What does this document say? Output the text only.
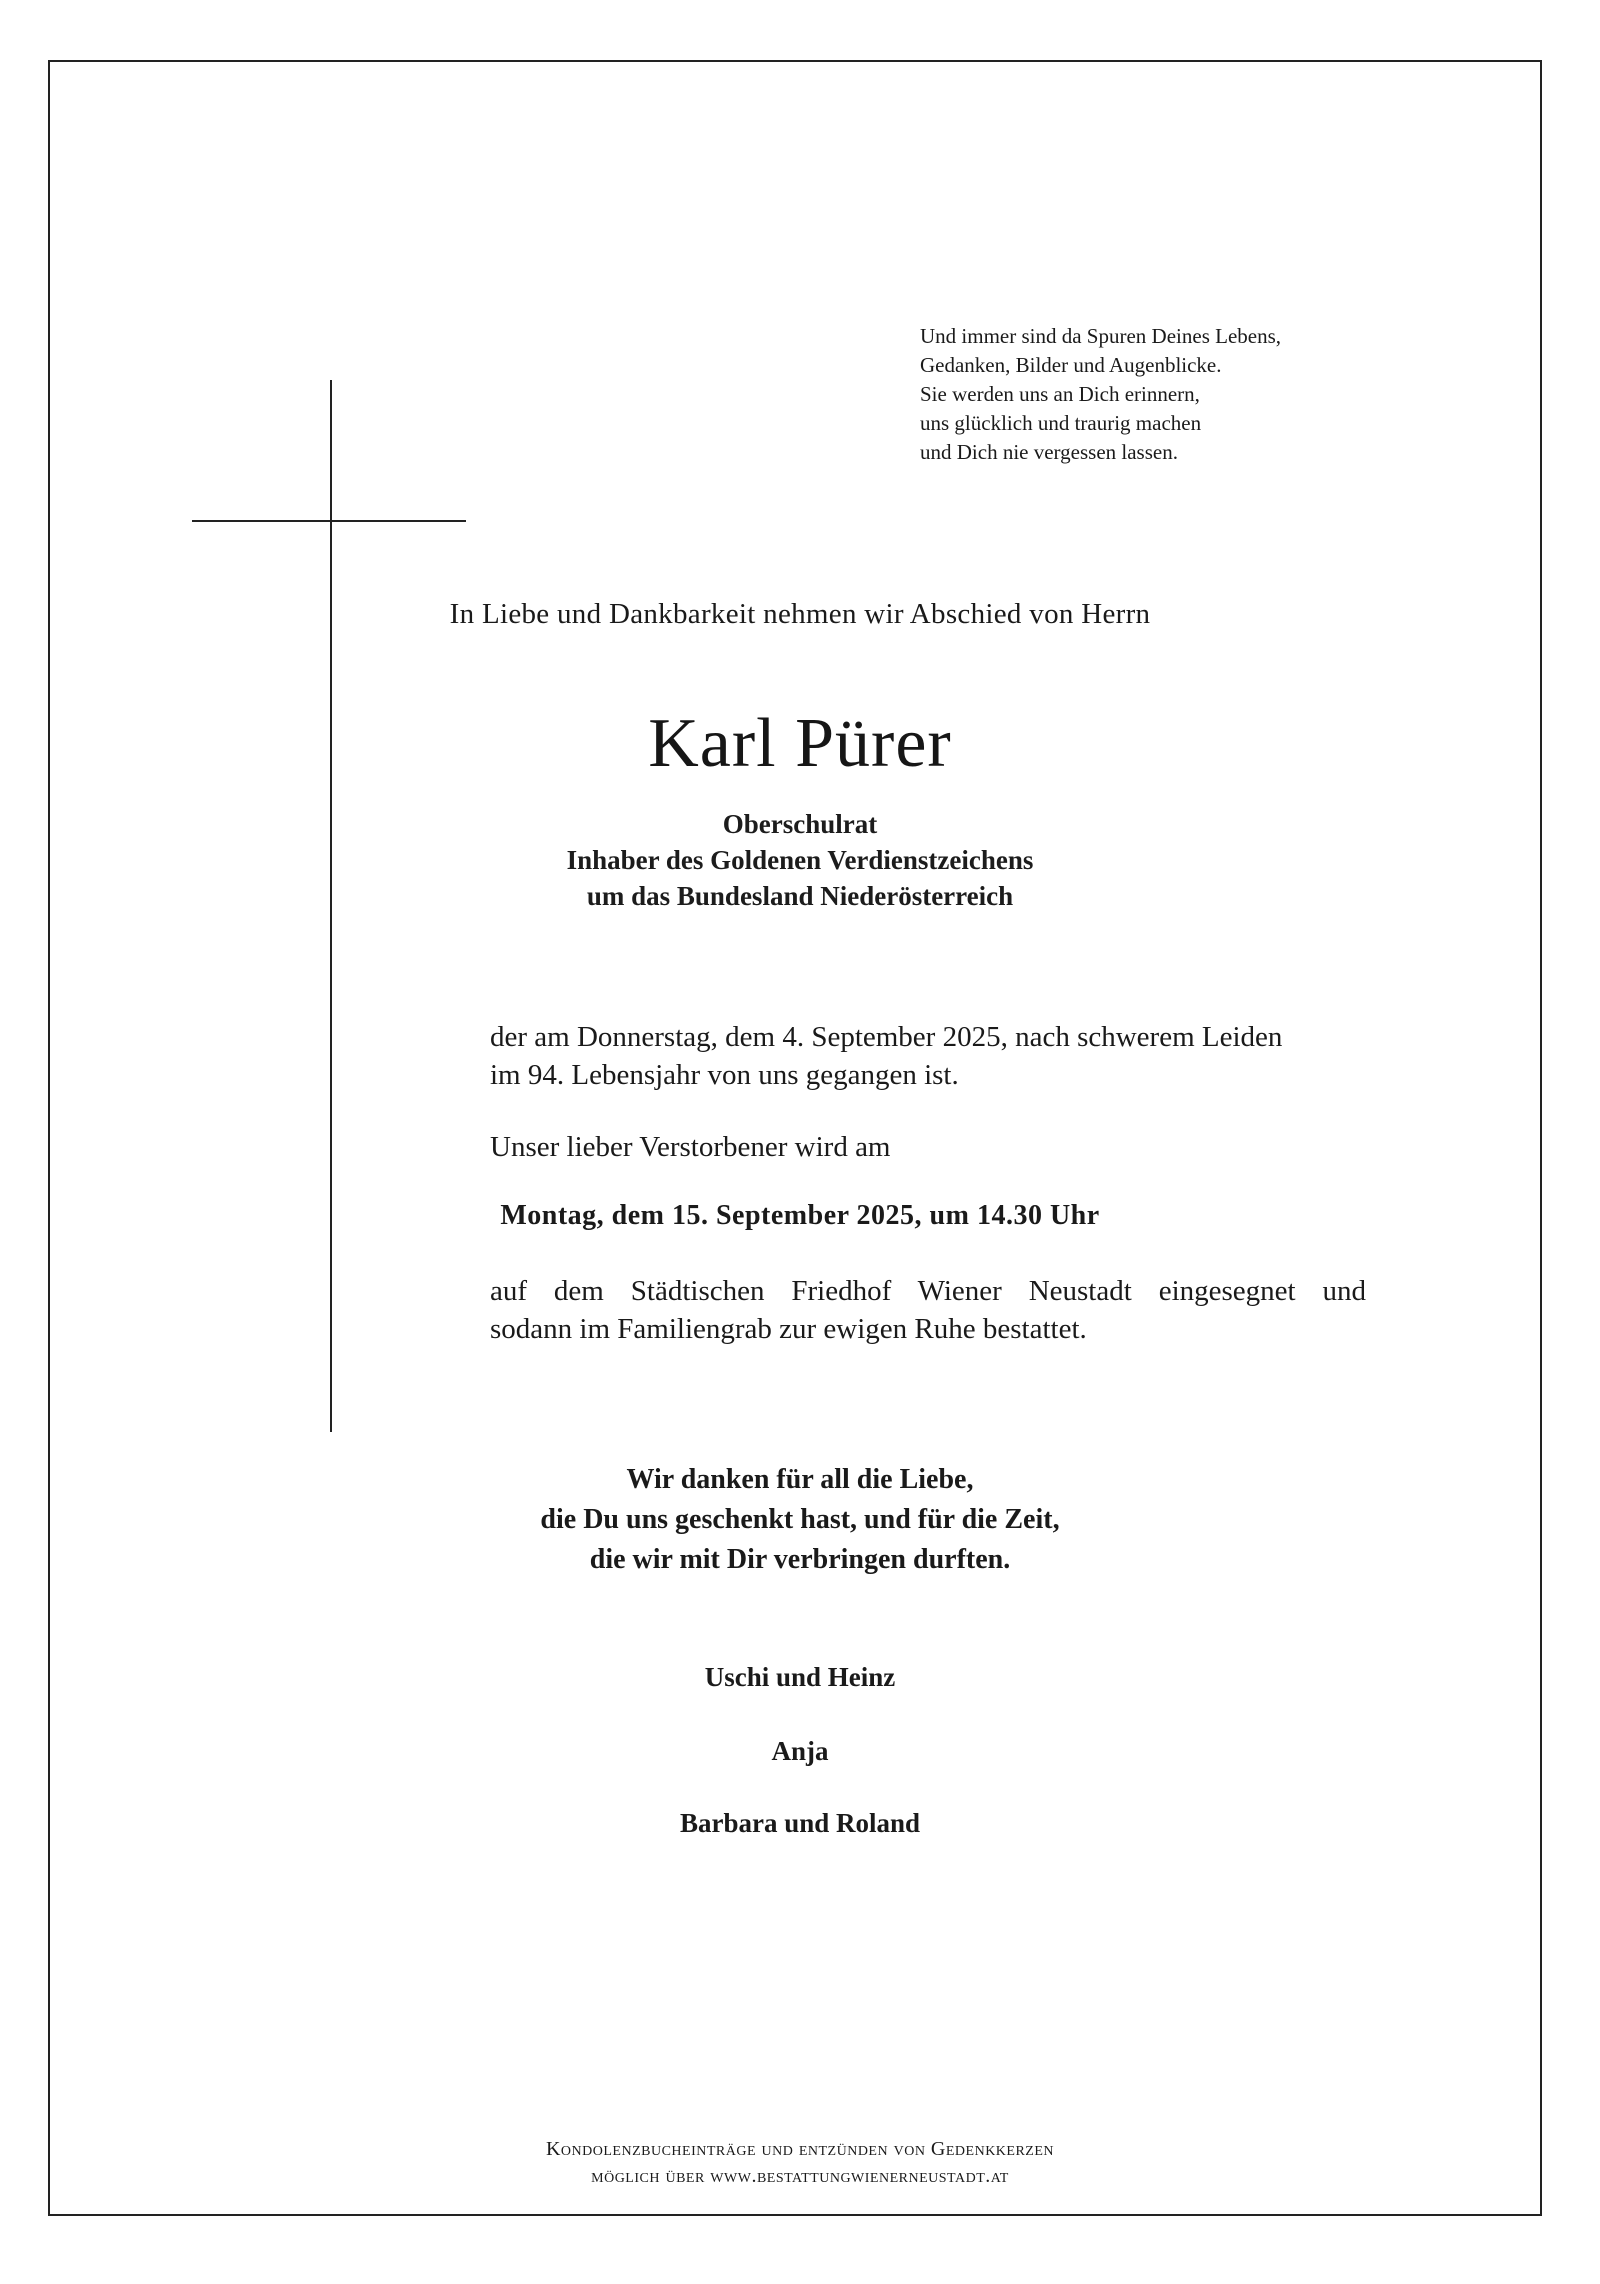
Und immer sind da Spuren Deines Lebens,
Gedanken, Bilder und Augenblicke.
Sie werden uns an Dich erinnern,
uns glücklich und traurig machen
und Dich nie vergessen lassen.
In Liebe und Dankbarkeit nehmen wir Abschied von Herrn
Karl Pürer
Oberschulrat
Inhaber des Goldenen Verdienstzeichens
um das Bundesland Niederösterreich
der am Donnerstag, dem 4. September 2025, nach schwerem Leiden
im 94. Lebensjahr von uns gegangen ist.
Unser lieber Verstorbener wird am
Montag, dem 15. September 2025, um 14.30 Uhr
auf dem Städtischen Friedhof Wiener Neustadt eingesegnet und
sodann im Familiengrab zur ewigen Ruhe bestattet.
Wir danken für all die Liebe,
die Du uns geschenkt hast, und für die Zeit,
die wir mit Dir verbringen durften.
Uschi und Heinz
Anja
Barbara und Roland
Kondolenzbucheinträge und entzünden von Gedenkkerzen
möglich über www.bestattungwienerneustadt.at
